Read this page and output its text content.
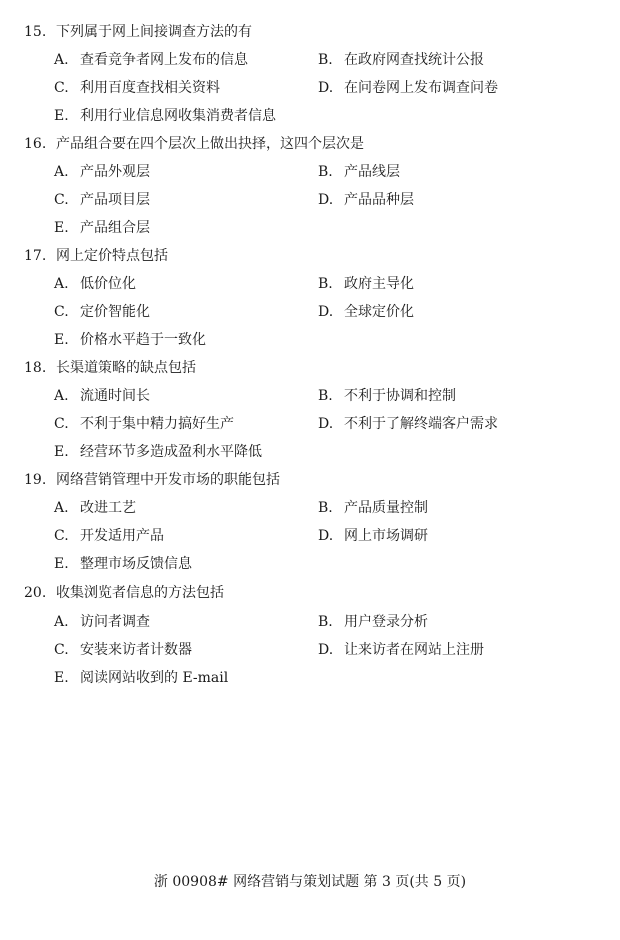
15. 下列属于网上间接调查方法的有
A. 查看竞争者网上发布的信息	B. 在政府网查找统计公报
C. 利用百度查找相关资料	D. 在问卷网上发布调查问卷
E. 利用行业信息网收集消费者信息
16. 产品组合要在四个层次上做出抉择，这四个层次是
A. 产品外观层	B. 产品线层
C. 产品项目层	D. 产品品种层
E. 产品组合层
17. 网上定价特点包括
A. 低价位化	B. 政府主导化
C. 定价智能化	D. 全球定价化
E. 价格水平趋于一致化
18. 长渠道策略的缺点包括
A. 流通时间长	B. 不利于协调和控制
C. 不利于集中精力搞好生产	D. 不利于了解终端客户需求
E. 经营环节多造成盈利水平降低
19. 网络营销管理中开发市场的职能包括
A. 改进工艺	B. 产品质量控制
C. 开发适用产品	D. 网上市场调研
E. 整理市场反馈信息
20. 收集浏览者信息的方法包括
A. 访问者调查	B. 用户登录分析
C. 安装来访者计数器	D. 让来访者在网站上注册
E. 阅读网站收到的 E-mail
浙 00908# 网络营销与策划试题 第 3 页(共 5 页)
